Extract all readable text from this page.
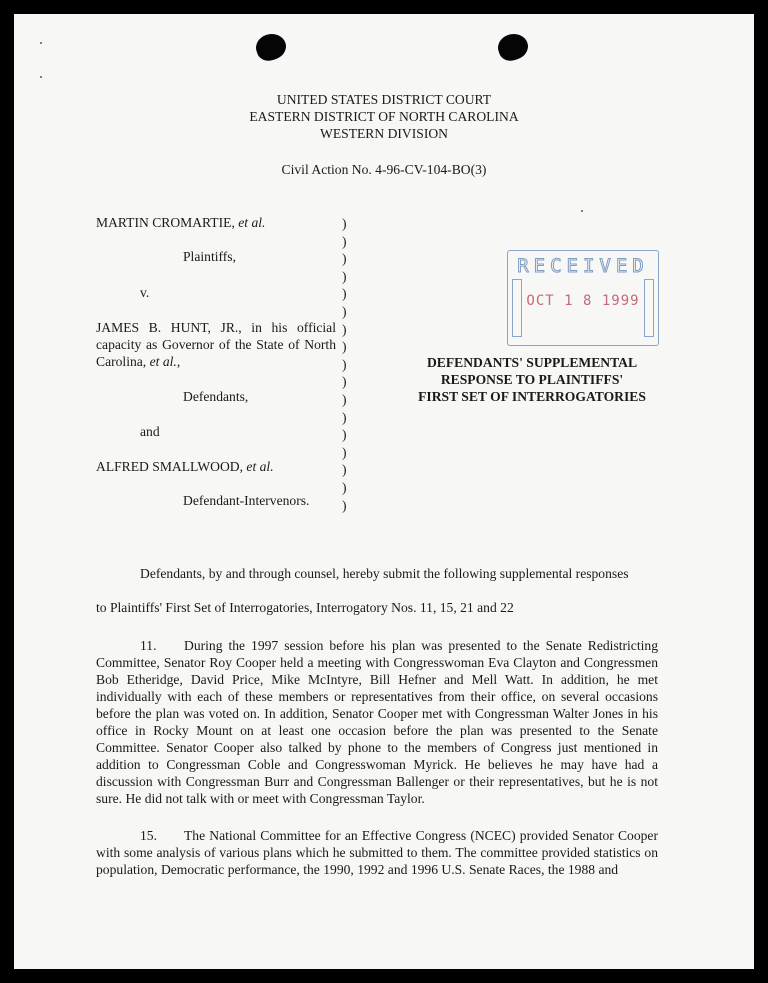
UNITED STATES DISTRICT COURT
EASTERN DISTRICT OF NORTH CAROLINA
WESTERN DIVISION
Civil Action No. 4-96-CV-104-BO(3)
MARTIN CROMARTIE, et al.
Plaintiffs,
v.
JAMES B. HUNT, JR., in his official capacity as Governor of the State of North Carolina, et al.,
Defendants,
and
ALFRED SMALLWOOD, et al.
Defendant-Intervenors.
)
)
)
)
)
)
)
)
)
)
)
)
)
)
)
)
)
RECEIVED
OCT 1 8 1999
DEFENDANTS' SUPPLEMENTAL
RESPONSE TO PLAINTIFFS'
FIRST SET OF INTERROGATORIES
Defendants, by and through counsel, hereby submit the following supplemental responses
to Plaintiffs' First Set of Interrogatories, Interrogatory Nos. 11, 15, 21 and 22
11. During the 1997 session before his plan was presented to the Senate Redistricting Committee, Senator Roy Cooper held a meeting with Congresswoman Eva Clayton and Congressmen Bob Etheridge, David Price, Mike McIntyre, Bill Hefner and Mell Watt. In addition, he met individually with each of these members or representatives from their office, on several occasions before the plan was voted on. In addition, Senator Cooper met with Congressman Walter Jones in his office in Rocky Mount on at least one occasion before the plan was presented to the Senate Committee. Senator Cooper also talked by phone to the members of Congress just mentioned in addition to Congressman Coble and Congresswoman Myrick. He believes he may have had a discussion with Congressman Burr and Congressman Ballenger or their representatives, but he is not sure. He did not talk with or meet with Congressman Taylor.
15. The National Committee for an Effective Congress (NCEC) provided Senator Cooper with some analysis of various plans which he submitted to them. The committee provided statistics on population, Democratic performance, the 1990, 1992 and 1996 U.S. Senate Races, the 1988 and
